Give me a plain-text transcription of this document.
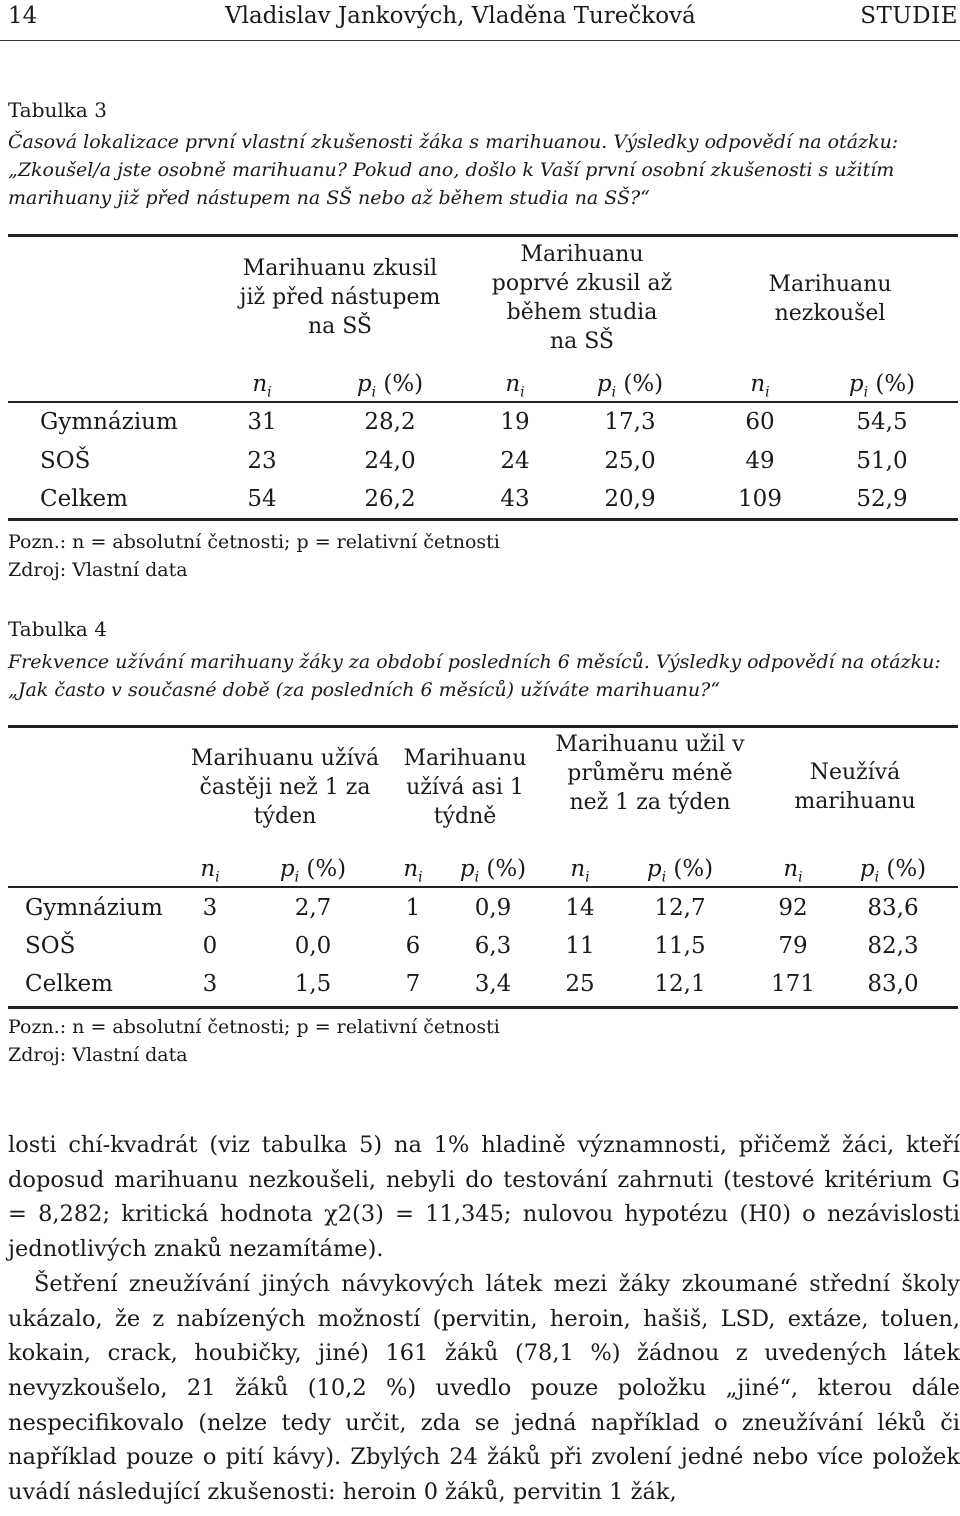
14	Vladislav Jankových, Vladěna Turečková	STUDIE
Tabulka 3
Časová lokalizace první vlastní zkušenosti žáka s marihuanou. Výsledky odpovědí na otázku: „Zkoušel/a jste osobně marihuanu? Pokud ano, došlo k Vaší první osobní zkušenosti s užitím marihuany již před nástupem na SŠ nebo až během studia na SŠ?“
Marihuanu zkusil již před nástupem na SŠ
Marihuanu poprvé zkusil až během studia na SŠ
Marihuanu nezkoušel
$n_i$	$p_i$ (%)	$n_i$	$p_i$ (%)	$n_i$	$p_i$ (%)
Gymnázium	31	28,2	19	17,3	60	54,5
SOŠ	23	24,0	24	25,0	49	51,0
Celkem	54	26,2	43	20,9	109	52,9
Pozn.: n = absolutní četnosti; p = relativní četnosti
Zdroj: Vlastní data
Tabulka 4
Frekvence užívání marihuany žáky za období posledních 6 měsíců. Výsledky odpovědí na otázku: „Jak často v současné době (za posledních 6 měsíců) užíváte marihuanu?“
Marihuanu užívá častěji než 1 za týden
Marihuanu užívá asi 1 týdně
Marihuanu užil v průměru méně než 1 za týden
Neužívá marihuanu
$n_i$	$p_i$ (%)	$n_i$	$p_i$ (%)	$n_i$	$p_i$ (%)	$n_i$	$p_i$ (%)
Gymnázium	3	2,7	1	0,9	14	12,7	92	83,6
SOŠ	0	0,0	6	6,3	11	11,5	79	82,3
Celkem	3	1,5	7	3,4	25	12,1	171	83,0
Pozn.: n = absolutní četnosti; p = relativní četnosti
Zdroj: Vlastní data

losti chí-kvadrát (viz tabulka 5) na 1% hladině významnosti, přičemž žáci, kteří doposud marihuanu nezkoušeli, nebyli do testování zahrnuti (testové kritérium G = 8,282; kritická hodnota χ2(3) = 11,345; nulovou hypotézu (H0) o nezávislosti jednotlivých znaků nezamítáme).

Šetření zneužívání jiných návykových látek mezi žáky zkoumané střední školy ukázalo, že z nabízených možností (pervitin, heroin, hašiš, LSD, extáze, toluen, kokain, crack, houbičky, jiné) 161 žáků (78,1 %) žádnou z uvedených látek nevyzkoušelo, 21 žáků (10,2 %) uvedlo pouze položku „jiné“, kterou dále nespecifikovalo (nelze tedy určit, zda se jedná například o zneužívání léků či například pouze o pití kávy). Zbylých 24 žáků při zvolení jedné nebo více položek uvádí následující zkušenosti: heroin 0 žáků, pervitin 1 žák,
